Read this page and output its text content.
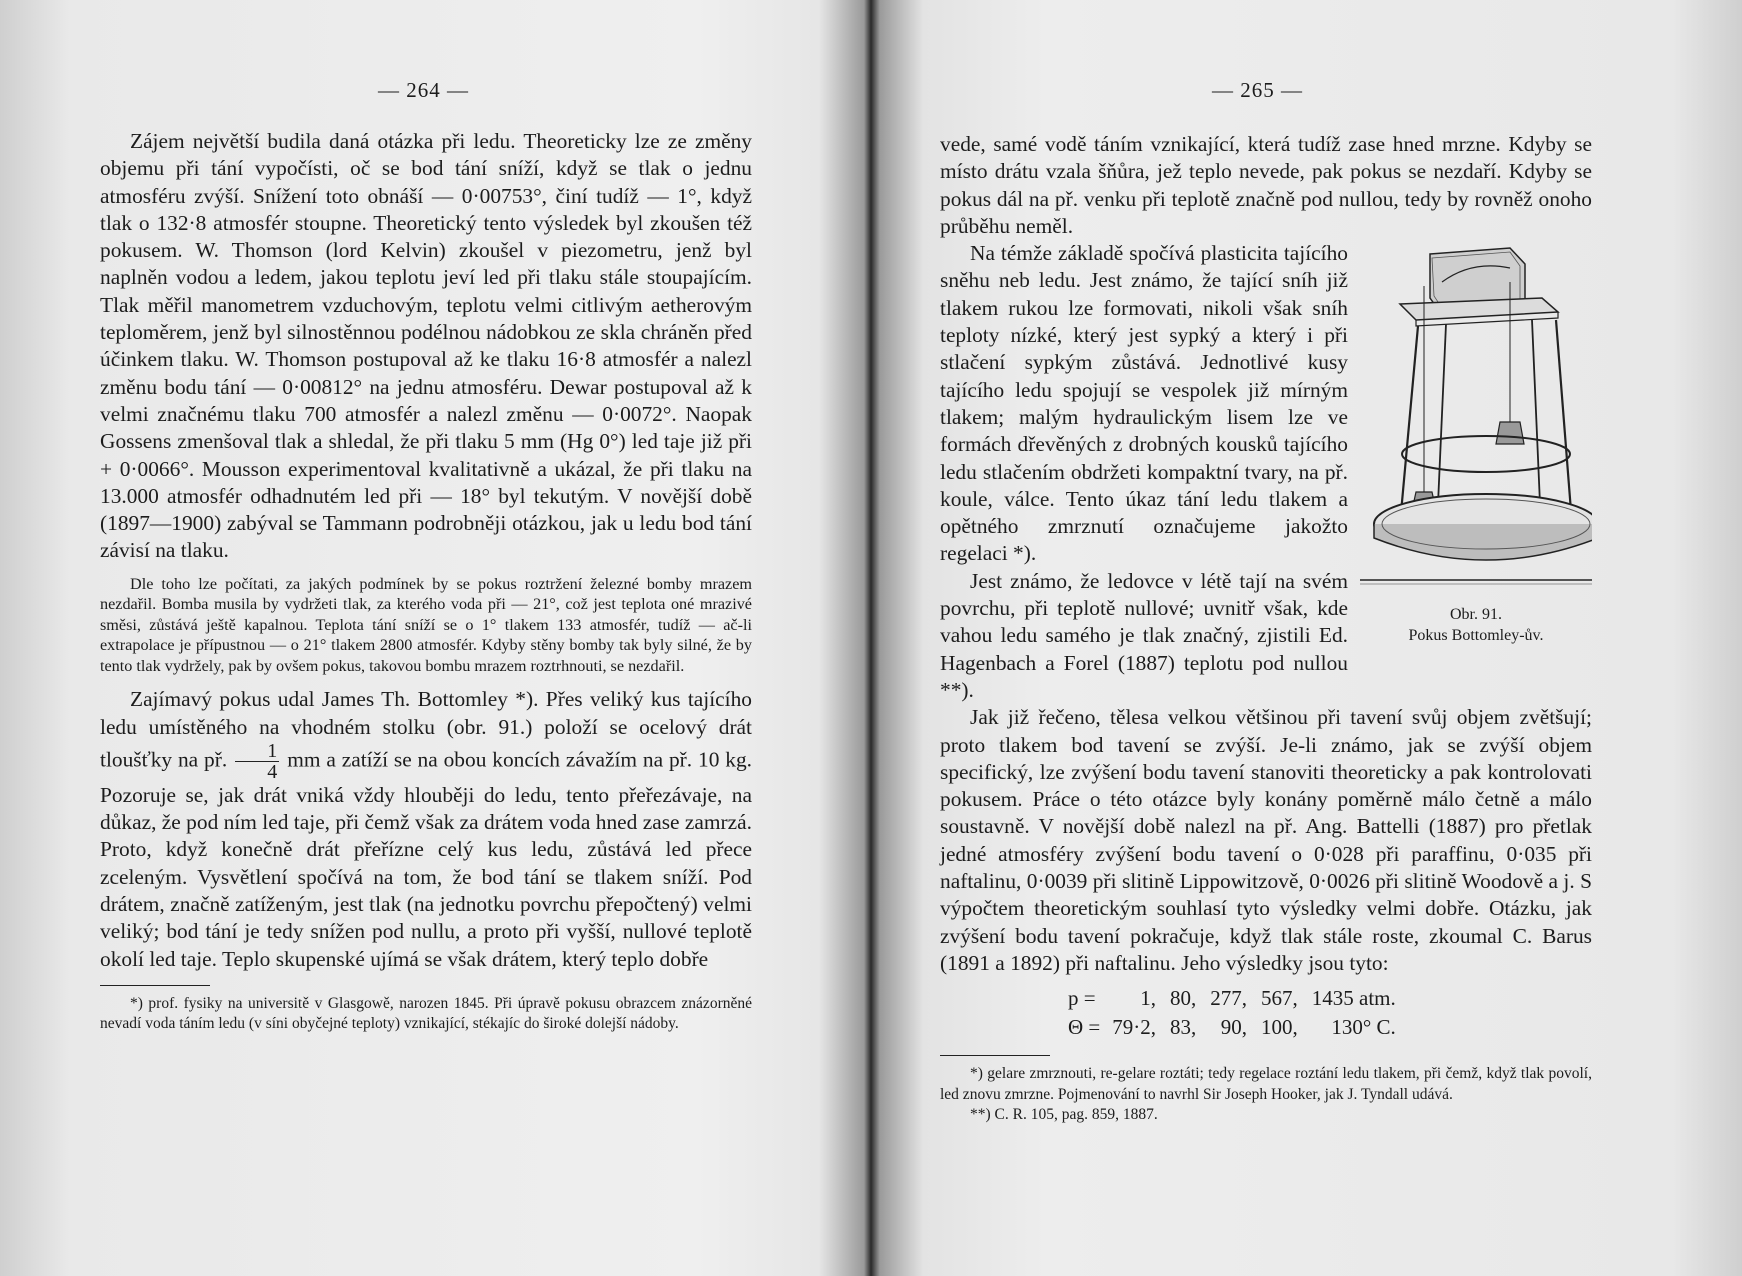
— 264 —

Zájem největší budila daná otázka při ledu. Theoreticky lze ze změny objemu při tání vypočísti, oč se bod tání sníží, když se tlak o jednu atmosféru zvýší. Snížení toto obnáší — 0·00753°, činí tudíž — 1°, když tlak o 132·8 atmosfér stoupne. Theoretický tento výsledek byl zkoušen též pokusem. W. Thomson (lord Kelvin) zkoušel v piezometru, jenž byl naplněn vodou a ledem, jakou teplotu jeví led při tlaku stále stoupajícím. Tlak měřil manometrem vzduchovým, teplotu velmi citlivým aetherovým teploměrem, jenž byl silnostěnnou podélnou nádobkou ze skla chráněn před účinkem tlaku. W. Thomson postupoval až ke tlaku 16·8 atmosfér a nalezl změnu bodu tání — 0·00812° na jednu atmosféru. Dewar postupoval až k velmi značnému tlaku 700 atmosfér a nalezl změnu — 0·0072°. Naopak Gossens zmenšoval tlak a shledal, že při tlaku 5 mm (Hg 0°) led taje již při + 0·0066°. Mousson experimentoval kvalitativně a ukázal, že při tlaku na 13.000 atmosfér odhadnutém led při — 18° byl tekutým. V novější době (1897—1900) zabýval se Tammann podrobněji otázkou, jak u ledu bod tání závisí na tlaku.

Dle toho lze počítati, za jakých podmínek by se pokus roztržení železné bomby mrazem nezdařil. Bomba musila by vydržeti tlak, za kterého voda při — 21°, což jest teplota oné mrazivé směsi, zůstává ještě kapalnou. Teplota tání sníží se o 1° tlakem 133 atmosfér, tudíž — ač-li extrapolace je přípustnou — o 21° tlakem 2800 atmosfér. Kdyby stěny bomby tak byly silné, že by tento tlak vydržely, pak by ovšem pokus, takovou bombu mrazem roztrhnouti, se nezdařil.

Zajímavý pokus udal James Th. Bottomley *). Přes veliký kus tajícího ledu umístěného na vhodném stolku (obr. 91.) položí se ocelový drát tloušťky na př. $\frac{1}{4}$ mm a zatíží se na obou koncích závažím na př. 10 kg. Pozoruje se, jak drát vniká vždy hlouběji do ledu, tento přeřezávaje, na důkaz, že pod ním led taje, při čemž však za drátem voda hned zase zamrzá. Proto, když konečně drát přeřízne celý kus ledu, zůstává led přece zceleným. Vysvětlení spočívá na tom, že bod tání se tlakem sníží. Pod drátem, značně zatíženým, jest tlak (na jednotku povrchu přepočtený) velmi veliký; bod tání je tedy snížen pod nullu, a proto při vyšší, nullové teplotě okolí led taje. Teplo skupenské ujímá se však drátem, který teplo dobře

*) prof. fysiky na universitě v Glasgowě, narozen 1845. Při úpravě pokusu obrazcem znázorněné nevadí voda táním ledu (v síni obyčejné teploty) vznikající, stékajíc do široké dolejší nádoby.

— 265 —

vede, samé vodě táním vznikající, která tudíž zase hned mrzne. Kdyby se místo drátu vzala šňůra, jež teplo nevede, pak pokus se nezdaří. Kdyby se pokus dál na př. venku při teplotě značně pod nullou, tedy by rovněž onoho průběhu neměl.

Obr. 91.
Pokus Bottomley-ův.

Na témže základě spočívá plasticita tajícího sněhu neb ledu. Jest známo, že tající sníh již tlakem rukou lze formovati, nikoli však sníh teploty nízké, který jest sypký a který i při stlačení sypkým zůstává. Jednotlivé kusy tajícího ledu spojují se vespolek již mírným tlakem; malým hydraulickým lisem lze ve formách dřevěných z drobných kousků tajícího ledu stlačením obdržeti kompaktní tvary, na př. koule, válce. Tento úkaz tání ledu tlakem a opětného zmrznutí označujeme jakožto regelaci *).

Jest známo, že ledovce v létě tají na svém povrchu, při teplotě nullové; uvnitř však, kde vahou ledu samého je tlak značný, zjistili Ed. Hagenbach a Forel (1887) teplotu pod nullou **).

Jak již řečeno, tělesa velkou většinou při tavení svůj objem zvětšují; proto tlakem bod tavení se zvýší. Je-li známo, jak se zvýší objem specifický, lze zvýšení bodu tavení stanoviti theoreticky a pak kontrolovati pokusem. Práce o této otázce byly konány poměrně málo četně a málo soustavně. V novější době nalezl na př. Ang. Battelli (1887) pro přetlak jedné atmosféry zvýšení bodu tavení o 0·028 při paraffinu, 0·035 při naftalinu, 0·0039 při slitině Lippowitzově, 0·0026 při slitině Woodově a j. S výpočtem theoretickým souhlasí tyto výsledky velmi dobře. Otázku, jak zvýšení bodu tavení pokračuje, když tlak stále roste, zkoumal C. Barus (1891 a 1892) při naftalinu. Jeho výsledky jsou tyto:

p =	1,	80,	277,	567,	1435 atm.
Θ =	79·2,	83,	90,	100,	130° C.

*) gelare zmrznouti, re-gelare roztáti; tedy regelace roztání ledu tlakem, při čemž, když tlak povolí, led znovu zmrzne. Pojmenování to navrhl Sir Joseph Hooker, jak J. Tyndall udává.

**) C. R. 105, pag. 859, 1887.
